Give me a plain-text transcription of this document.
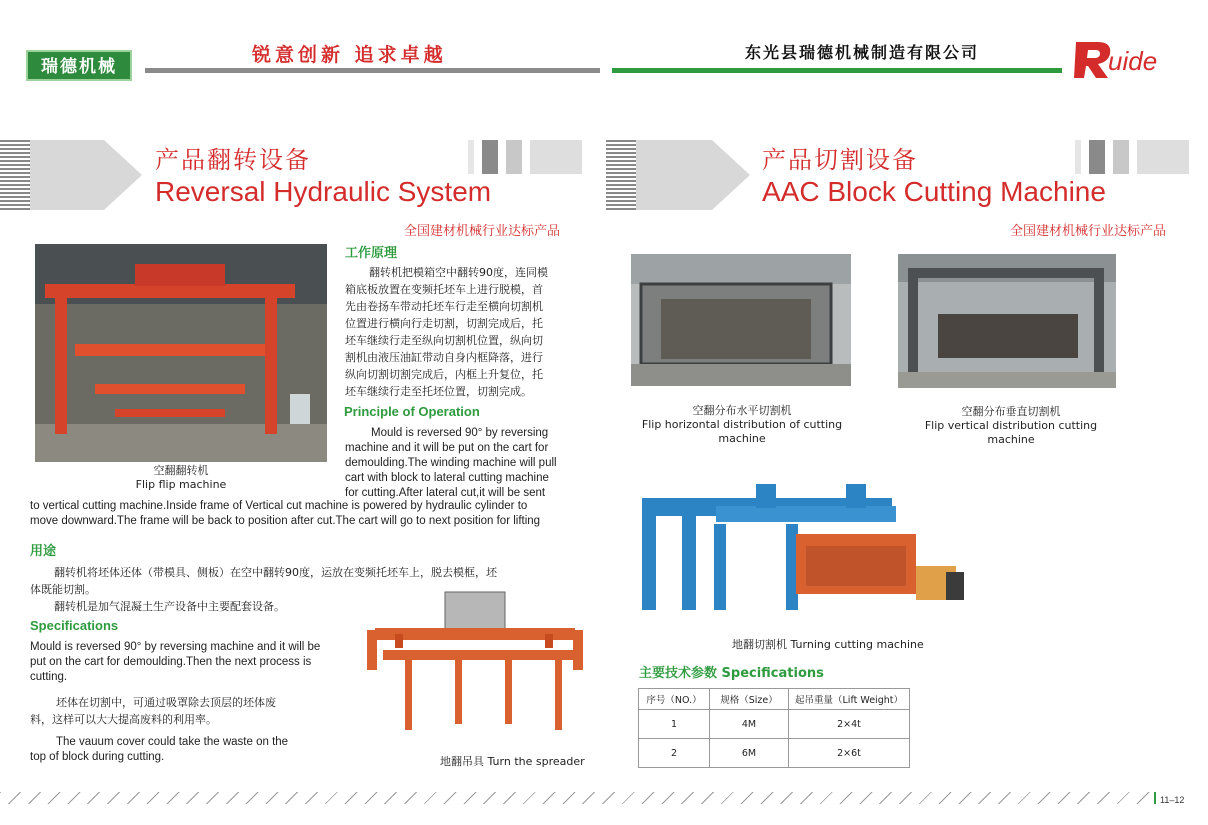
瑞德机械
锐意创新 追求卓越	东光县瑞德机械制造有限公司	uide
产品翻转设备
Reversal Hydraulic System
全国建材机械行业达标产品
空翻翻转机
Flip flip machine
工作原理
翻转机把模箱空中翻转90度，连同模
箱底板放置在变频托坯车上进行脱模，首
先由卷扬车带动托坯车行走至横向切割机
位置进行横向行走切割，切割完成后，托
坯车继续行走至纵向切割机位置，纵向切
割机由液压油缸带动自身内框降落，进行
纵向切割切割完成后，内框上升复位，托
坯车继续行走至托坯位置，切割完成。
Principle of Operation
Mould is reversed 90° by reversing
machine and it will be put on the cart for
demoulding.The winding machine will pull
cart with block to lateral cutting machine
for cutting.After lateral cut,it will be sent
to vertical cutting machine.Inside frame of Vertical cut machine is powered by hydraulic cylinder to
move downward.The frame will be back to position after cut.The cart will go to next position for lifting
用途
翻转机将坯体还体（带模具、侧板）在空中翻转90度，运放在变频托坯车上，脱去模框，坯
体既能切割。
翻转机是加气混凝土生产设备中主要配套设备。
Specifications
Mould is reversed 90° by reversing machine and it will be
put on the cart for demoulding.Then the next process is
cutting.
坯体在切割中，可通过吸罩除去顶层的坯体废
料，这样可以大大提高废料的利用率。
The vauum cover could take the waste on the
top of block during cutting.	地翻吊具 Turn the spreader
产品切割设备
AAC Block Cutting Machine
全国建材机械行业达标产品
空翻分布水平切割机
Flip horizontal distribution of cutting machine
空翻分布垂直切割机
Flip vertical distribution cutting machine
地翻切割机 Turning cutting machine
主要技术参数 Specifications
序号（NO.）	规格（Size）	起吊重量（Lift Weight）
1	4M	2×4t
2	6M	2×6t
11–12
